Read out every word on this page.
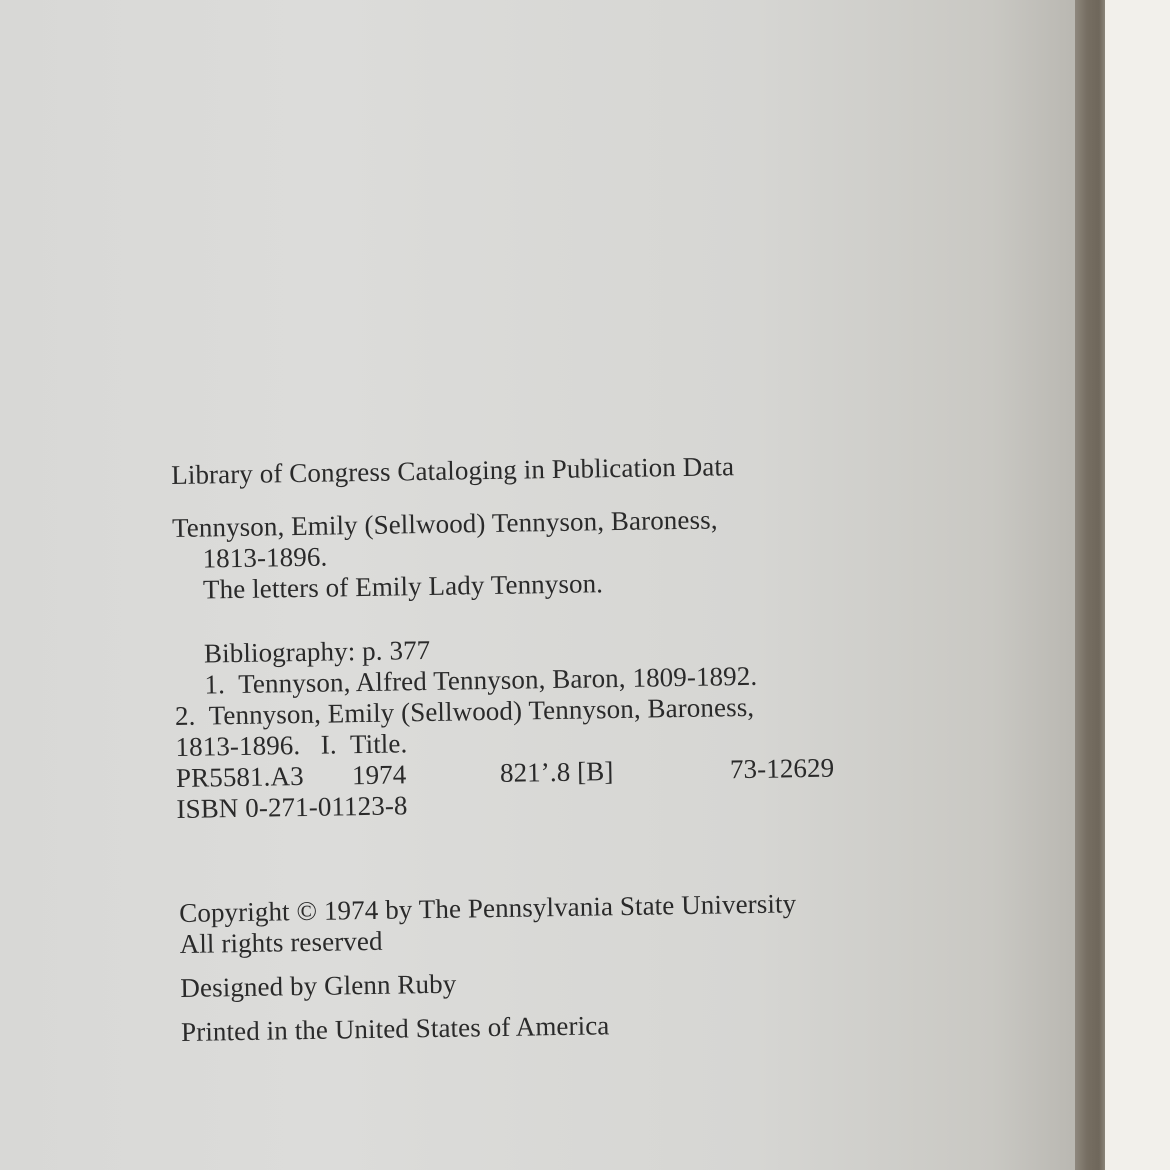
Library of Congress Cataloging in Publication Data
Tennyson, Emily (Sellwood) Tennyson, Baroness,
1813-1896.
The letters of Emily Lady Tennyson.
Bibliography: p. 377
1.  Tennyson, Alfred Tennyson, Baron, 1809-1892.
2.  Tennyson, Emily (Sellwood) Tennyson, Baroness,
1813-1896.   I.  Title.
PR5581.A3 1974	821’.8 [B]	73-12629
ISBN 0-271-01123-8
Copyright © 1974 by The Pennsylvania State University
All rights reserved
Designed by Glenn Ruby
Printed in the United States of America
